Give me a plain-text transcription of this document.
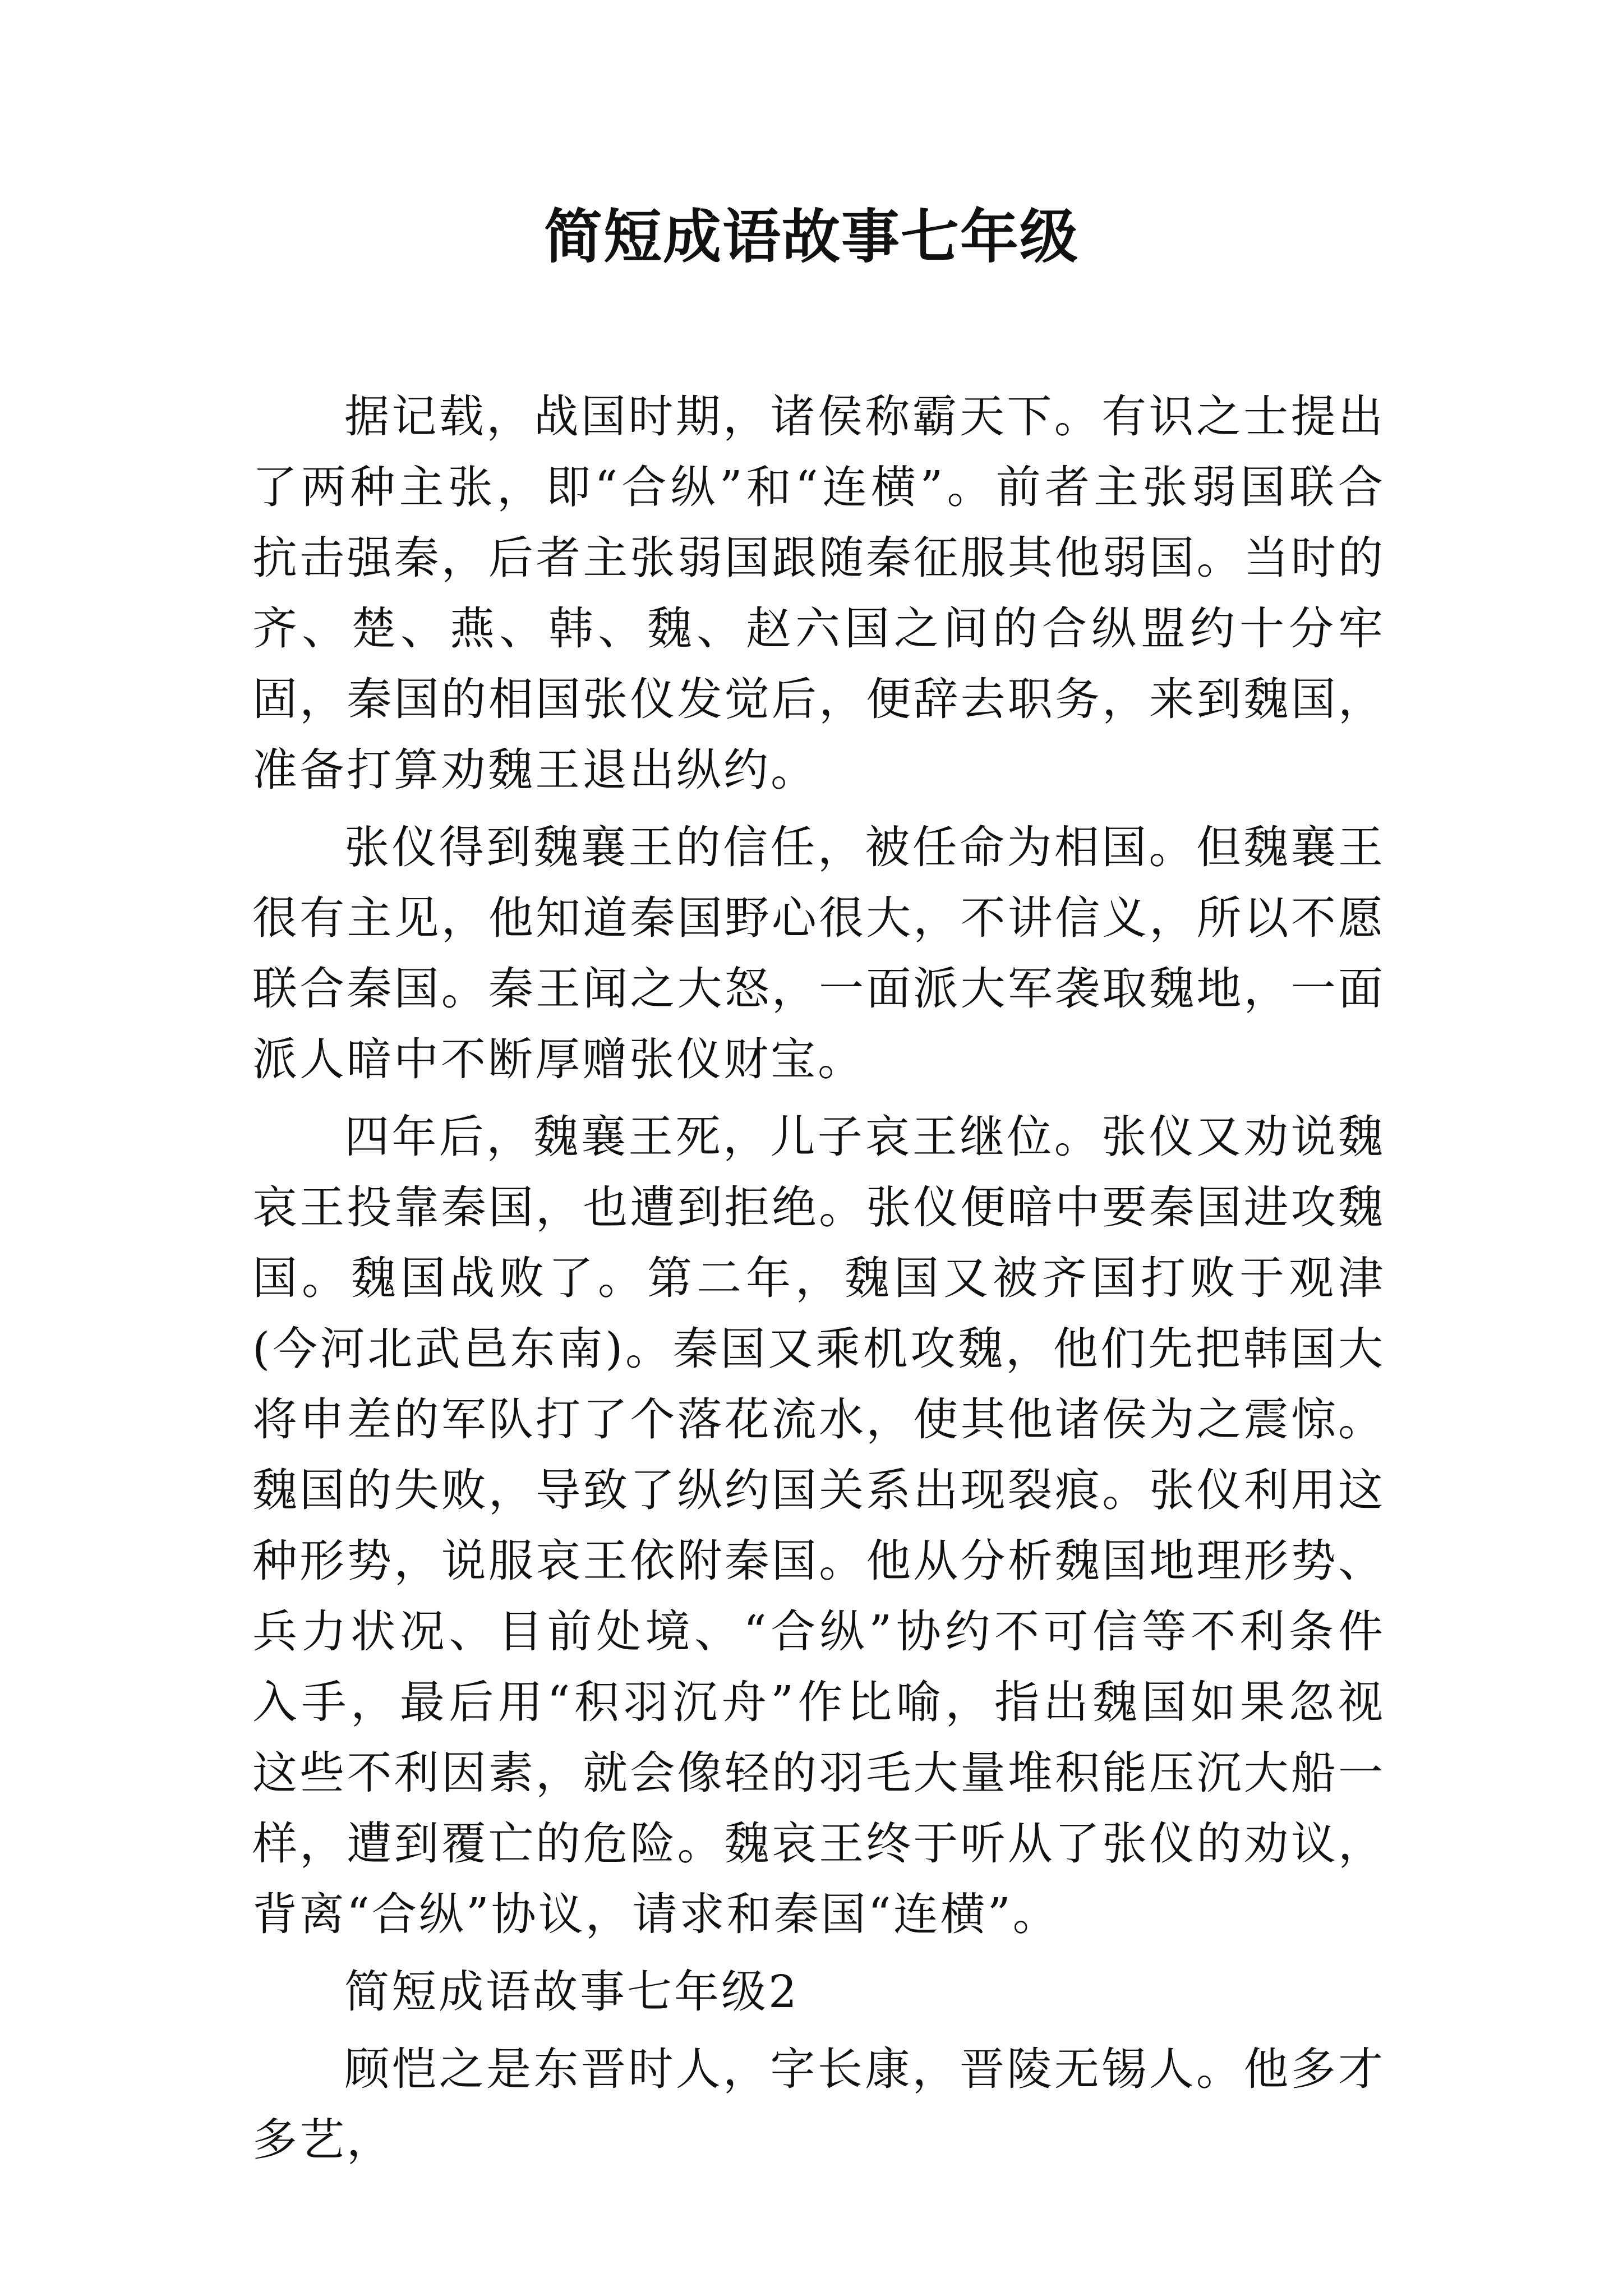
简短成语故事七年级

据记载，战国时期，诸侯称霸天下。有识之士提出了两种主张，即“合纵”和“连横”。前者主张弱国联合抗击强秦，后者主张弱国跟随秦征服其他弱国。当时的齐、楚、燕、韩、魏、赵六国之间的合纵盟约十分牢固，秦国的相国张仪发觉后，便辞去职务，来到魏国，准备打算劝魏王退出纵约。

张仪得到魏襄王的信任，被任命为相国。但魏襄王很有主见，他知道秦国野心很大，不讲信义，所以不愿联合秦国。秦王闻之大怒，一面派大军袭取魏地，一面派人暗中不断厚赠张仪财宝。

四年后，魏襄王死，儿子哀王继位。张仪又劝说魏哀王投靠秦国，也遭到拒绝。张仪便暗中要秦国进攻魏国。魏国战败了。第二年，魏国又被齐国打败于观津(今河北武邑东南)。秦国又乘机攻魏，他们先把韩国大将申差的军队打了个落花流水，使其他诸侯为之震惊。魏国的失败，导致了纵约国关系出现裂痕。张仪利用这种形势，说服哀王依附秦国。他从分析魏国地理形势、兵力状况、目前处境、“合纵”协约不可信等不利条件入手，最后用“积羽沉舟”作比喻，指出魏国如果忽视这些不利因素，就会像轻的羽毛大量堆积能压沉大船一样，遭到覆亡的危险。魏哀王终于听从了张仪的劝议，背离“合纵”协议，请求和秦国“连横”。

简短成语故事七年级2

顾恺之是东晋时人，字长康，晋陵无锡人。他多才多艺，
